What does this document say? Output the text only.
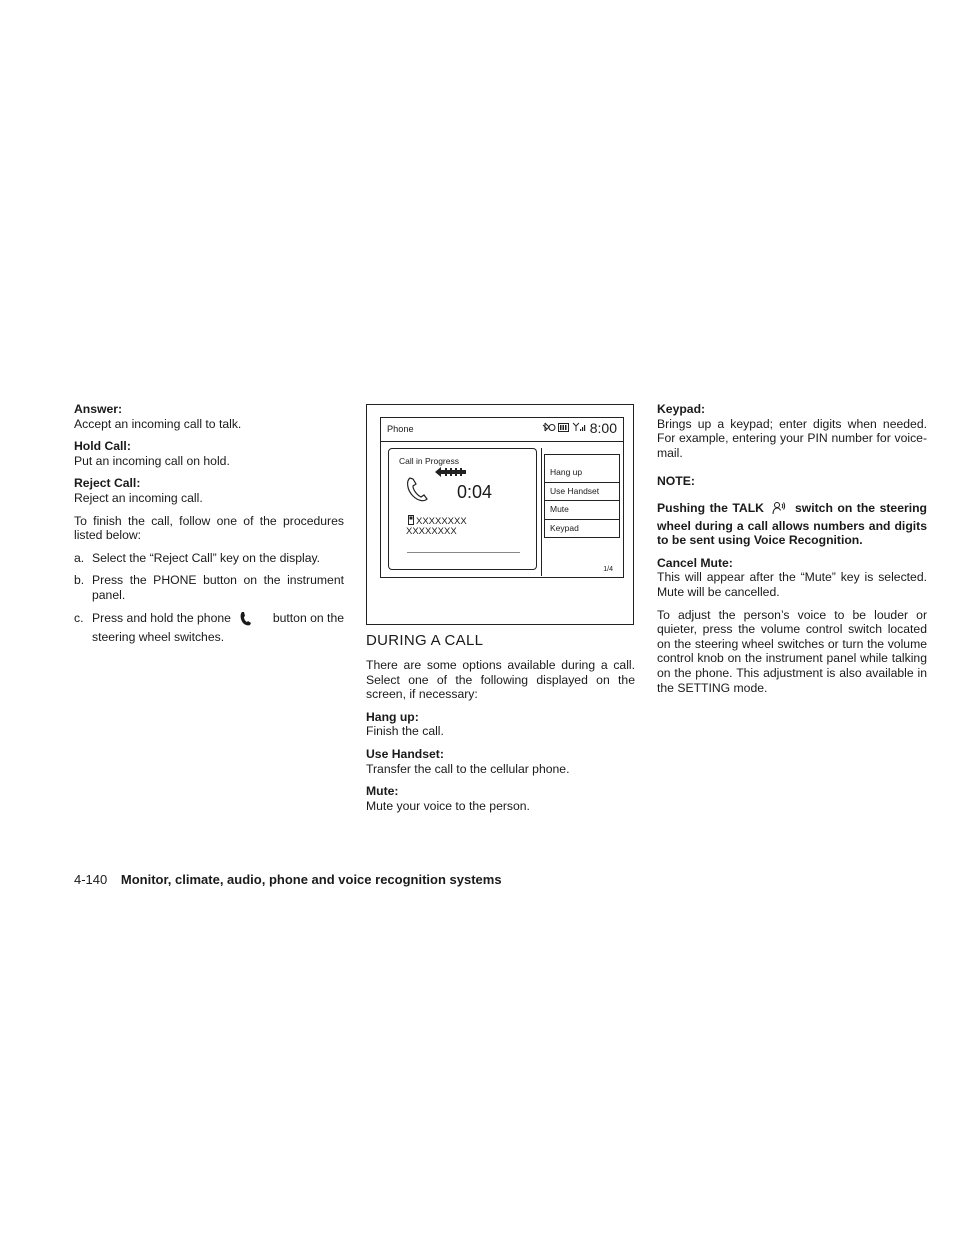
Answer:
Accept an incoming call to talk.
Hold Call:
Put an incoming call on hold.
Reject Call:
Reject an incoming call.
To finish the call, follow one of the procedures listed below:
a. Select the “Reject Call” key on the display.
b. Press the PHONE button on the instrument panel.
c. Press and hold the phone	button on the
steering wheel switches.
Phone	8:00
Call in Progress
0:04
XXXXXXXX
XXXXXXXX
Hang up
Use Handset
Mute
Keypad
1/4
DURING A CALL
There are some options available during a call. Select one of the following displayed on the screen, if necessary:
Hang up:
Finish the call.
Use Handset:
Transfer the call to the cellular phone.
Mute:
Mute your voice to the person.
Keypad:
Brings up a keypad; enter digits when needed. For example, entering your PIN number for voice-mail.
NOTE:
Pushing the TALK	switch on the steering wheel during a call allows numbers and digits to be sent using Voice Recognition.
Cancel Mute:
This will appear after the “Mute” key is selected. Mute will be cancelled.
To adjust the person’s voice to be louder or quieter, press the volume control switch located on the steering wheel switches or turn the volume control knob on the instrument panel while talking on the phone. This adjustment is also available in the SETTING mode.
4-140 Monitor, climate, audio, phone and voice recognition systems
